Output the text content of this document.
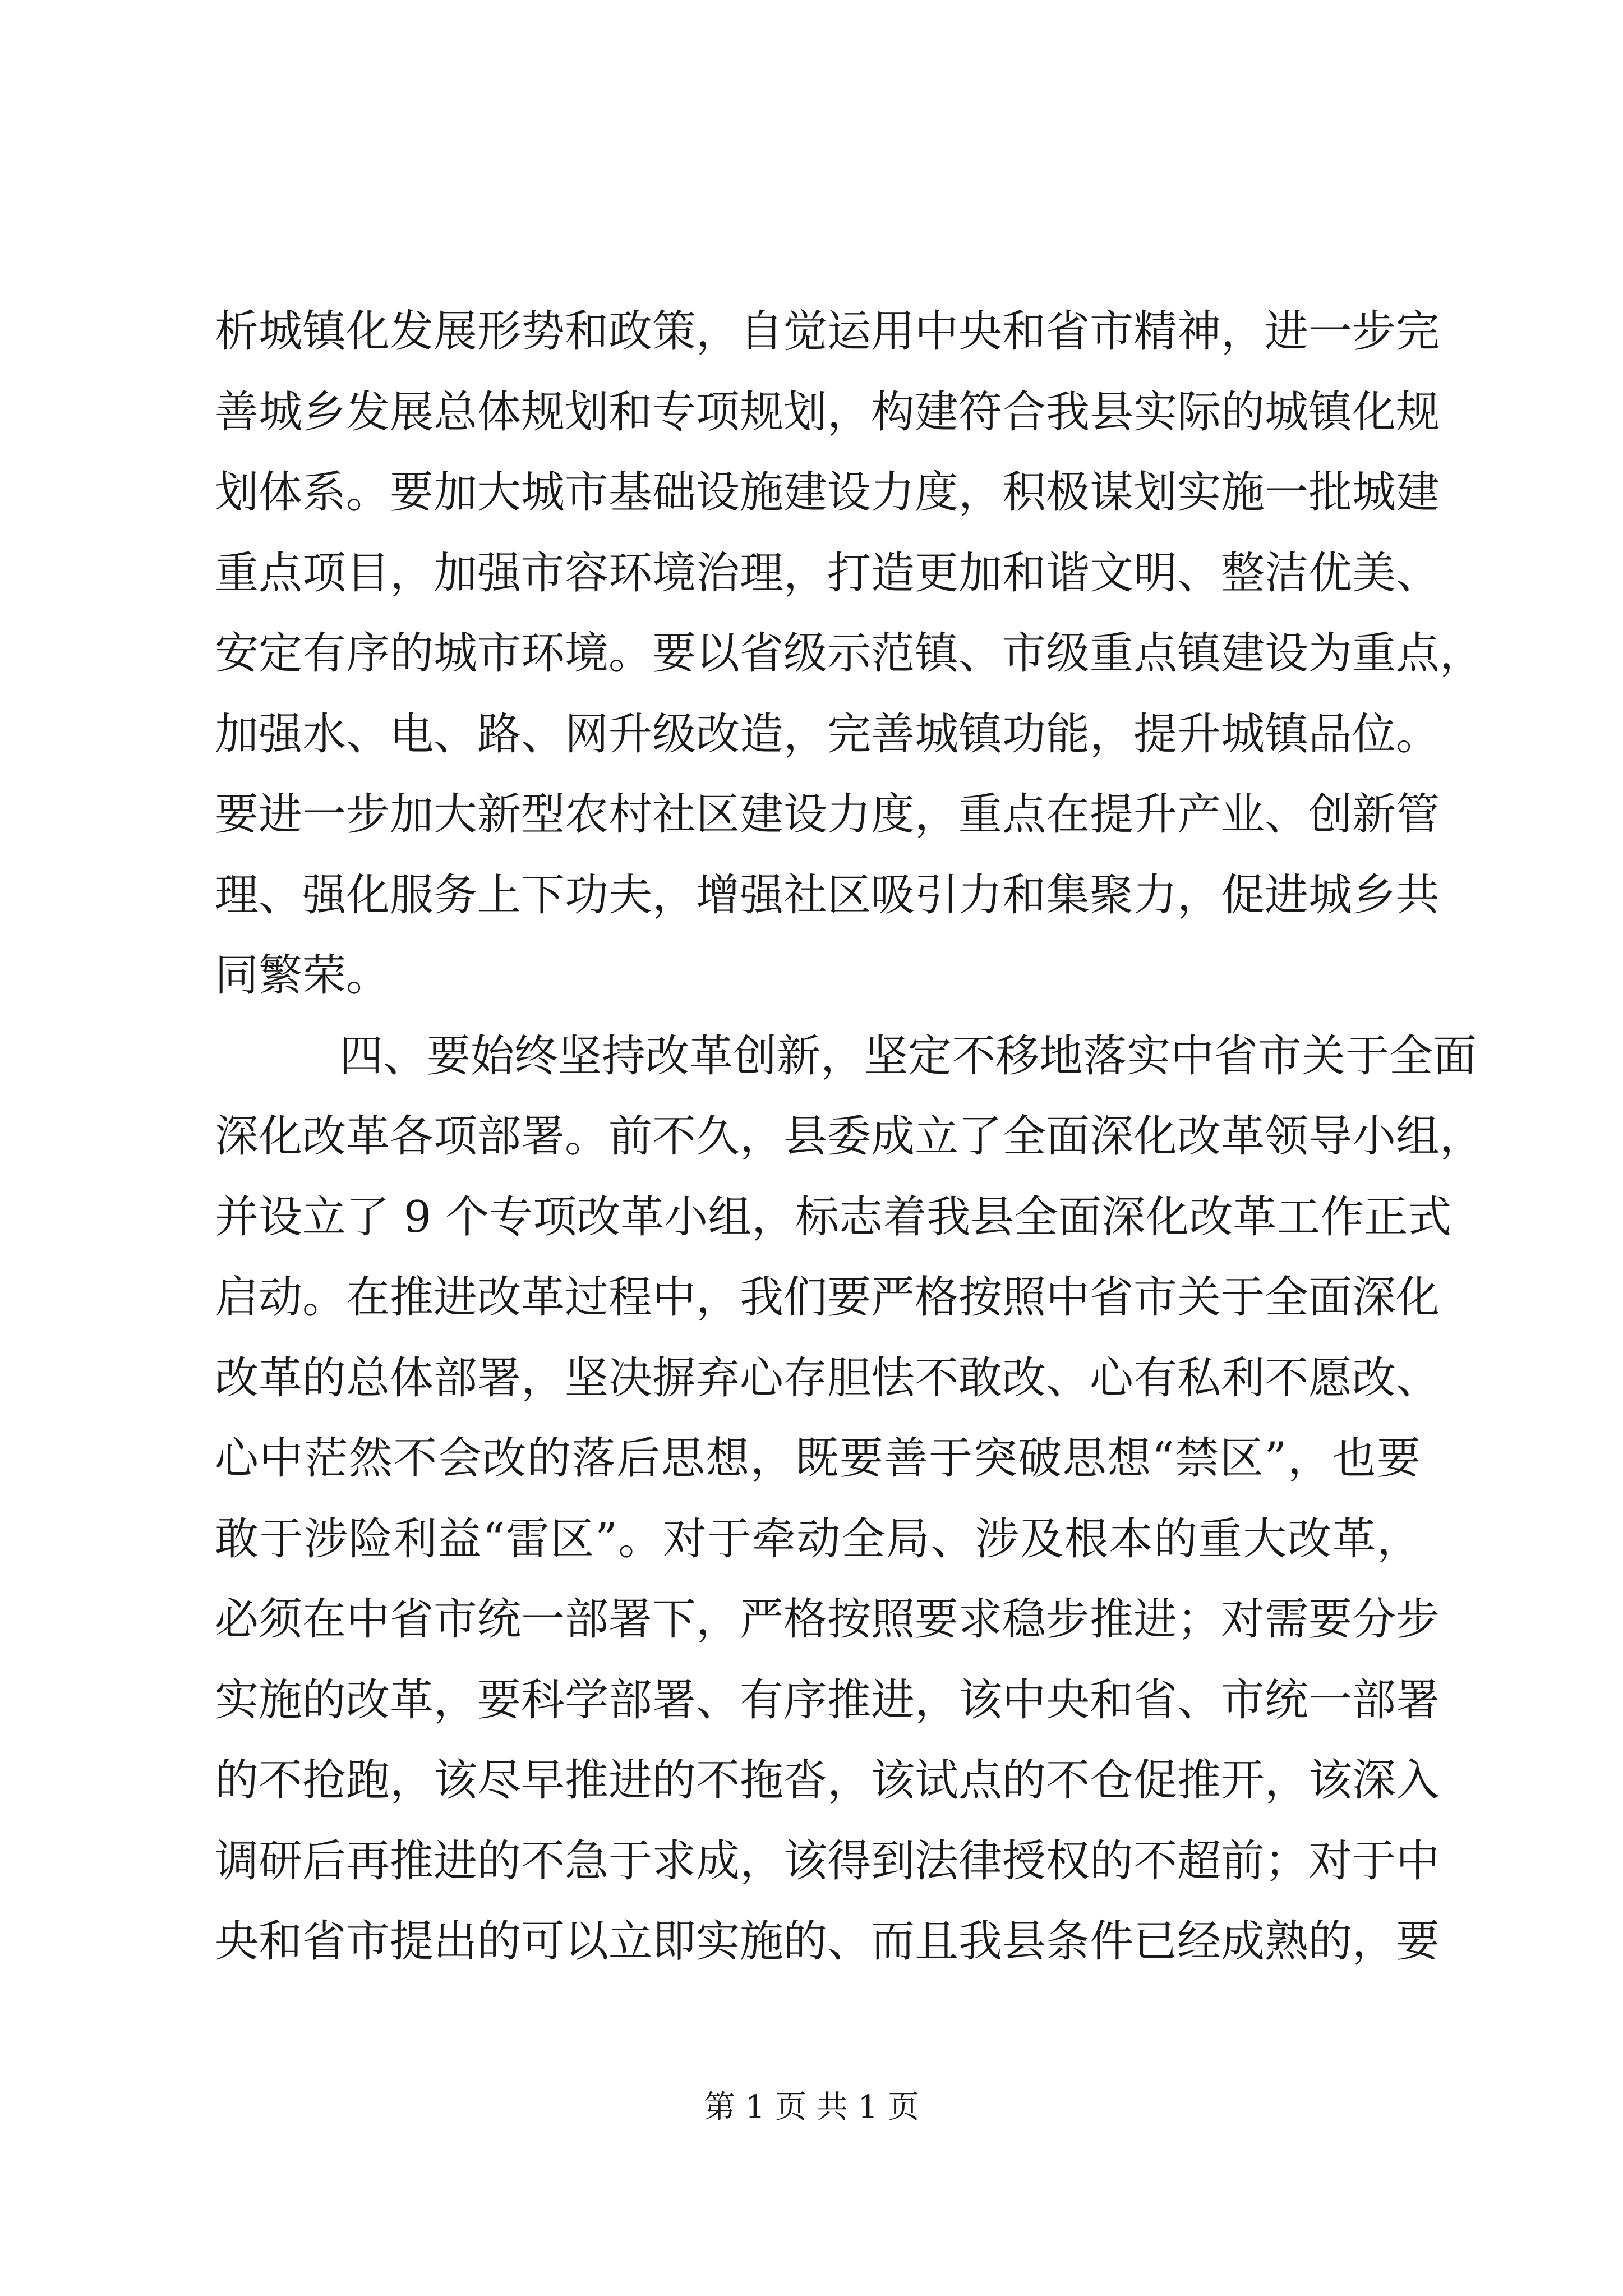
析城镇化发展形势和政策，自觉运用中央和省市精神，进一步完
善城乡发展总体规划和专项规划，构建符合我县实际的城镇化规
划体系。要加大城市基础设施建设力度，积极谋划实施一批城建
重点项目，加强市容环境治理，打造更加和谐文明、整洁优美、
安定有序的城市环境。要以省级示范镇、市级重点镇建设为重点，
加强水、电、路、网升级改造，完善城镇功能，提升城镇品位。
要进一步加大新型农村社区建设力度，重点在提升产业、创新管
理、强化服务上下功夫，增强社区吸引力和集聚力，促进城乡共
同繁荣。
四、要始终坚持改革创新，坚定不移地落实中省市关于全面
深化改革各项部署。前不久，县委成立了全面深化改革领导小组，
并设立了 9 个专项改革小组，标志着我县全面深化改革工作正式
启动。在推进改革过程中，我们要严格按照中省市关于全面深化
改革的总体部署，坚决摒弃心存胆怯不敢改、心有私利不愿改、
心中茫然不会改的落后思想，既要善于突破思想“禁区”，也要
敢于涉险利益“雷区”。对于牵动全局、涉及根本的重大改革，
必须在中省市统一部署下，严格按照要求稳步推进；对需要分步
实施的改革，要科学部署、有序推进，该中央和省、市统一部署
的不抢跑，该尽早推进的不拖沓，该试点的不仓促推开，该深入
调研后再推进的不急于求成，该得到法律授权的不超前；对于中
央和省市提出的可以立即实施的、而且我县条件已经成熟的，要
第 1 页 共 1 页
